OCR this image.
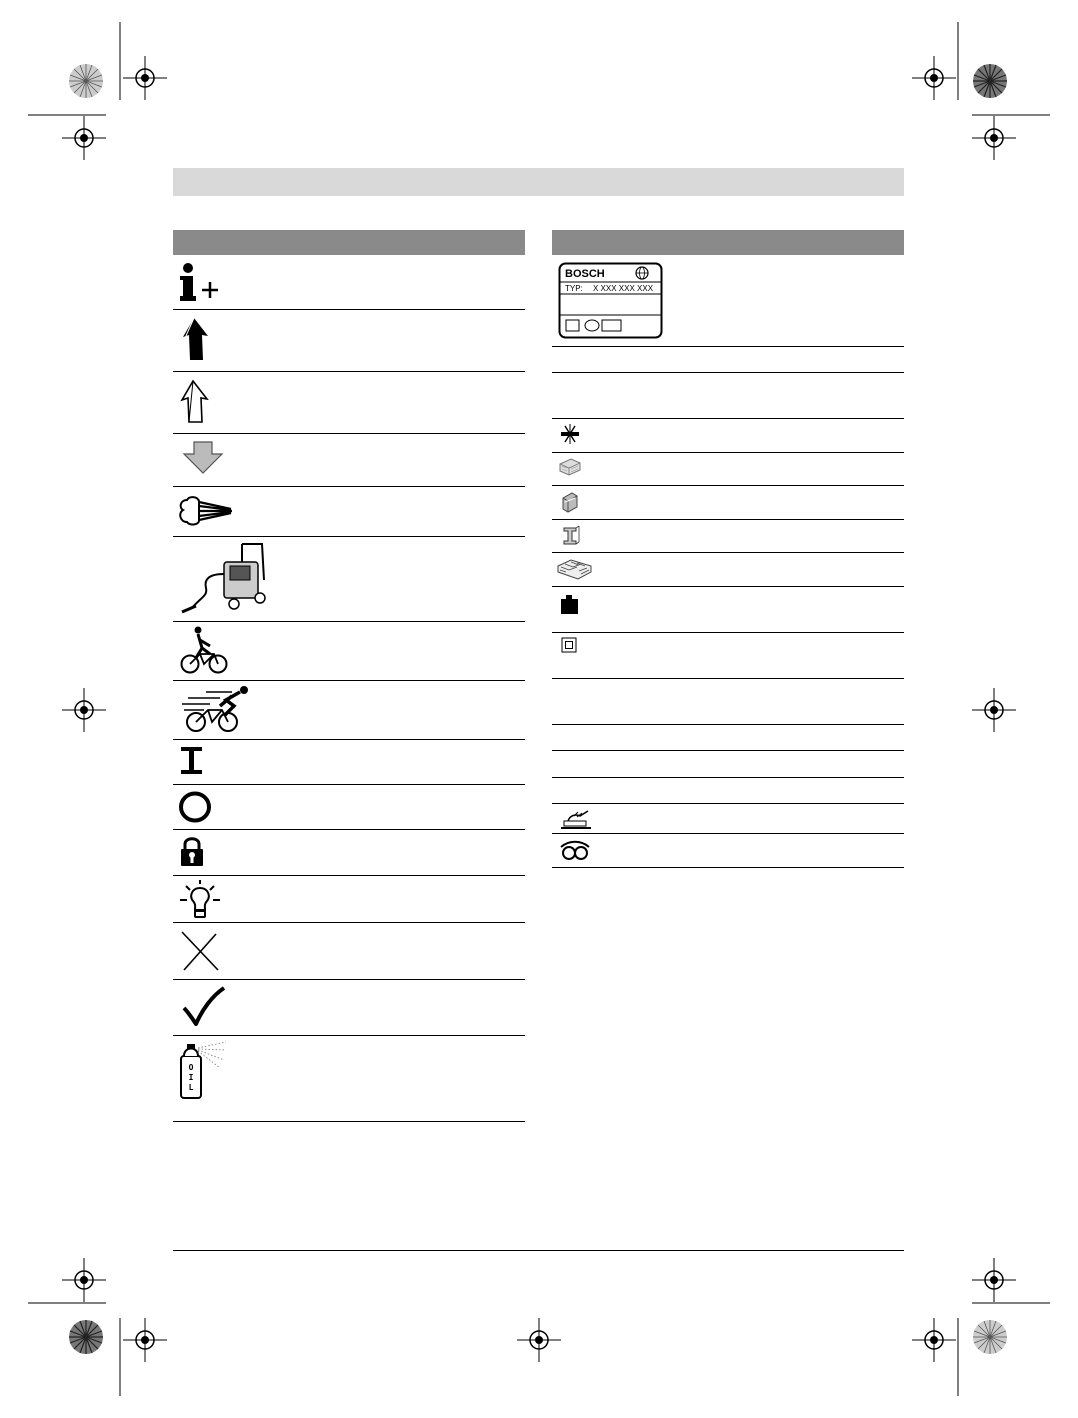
O
I
L
BOSCH
TYP: X XXX XXX XXX
